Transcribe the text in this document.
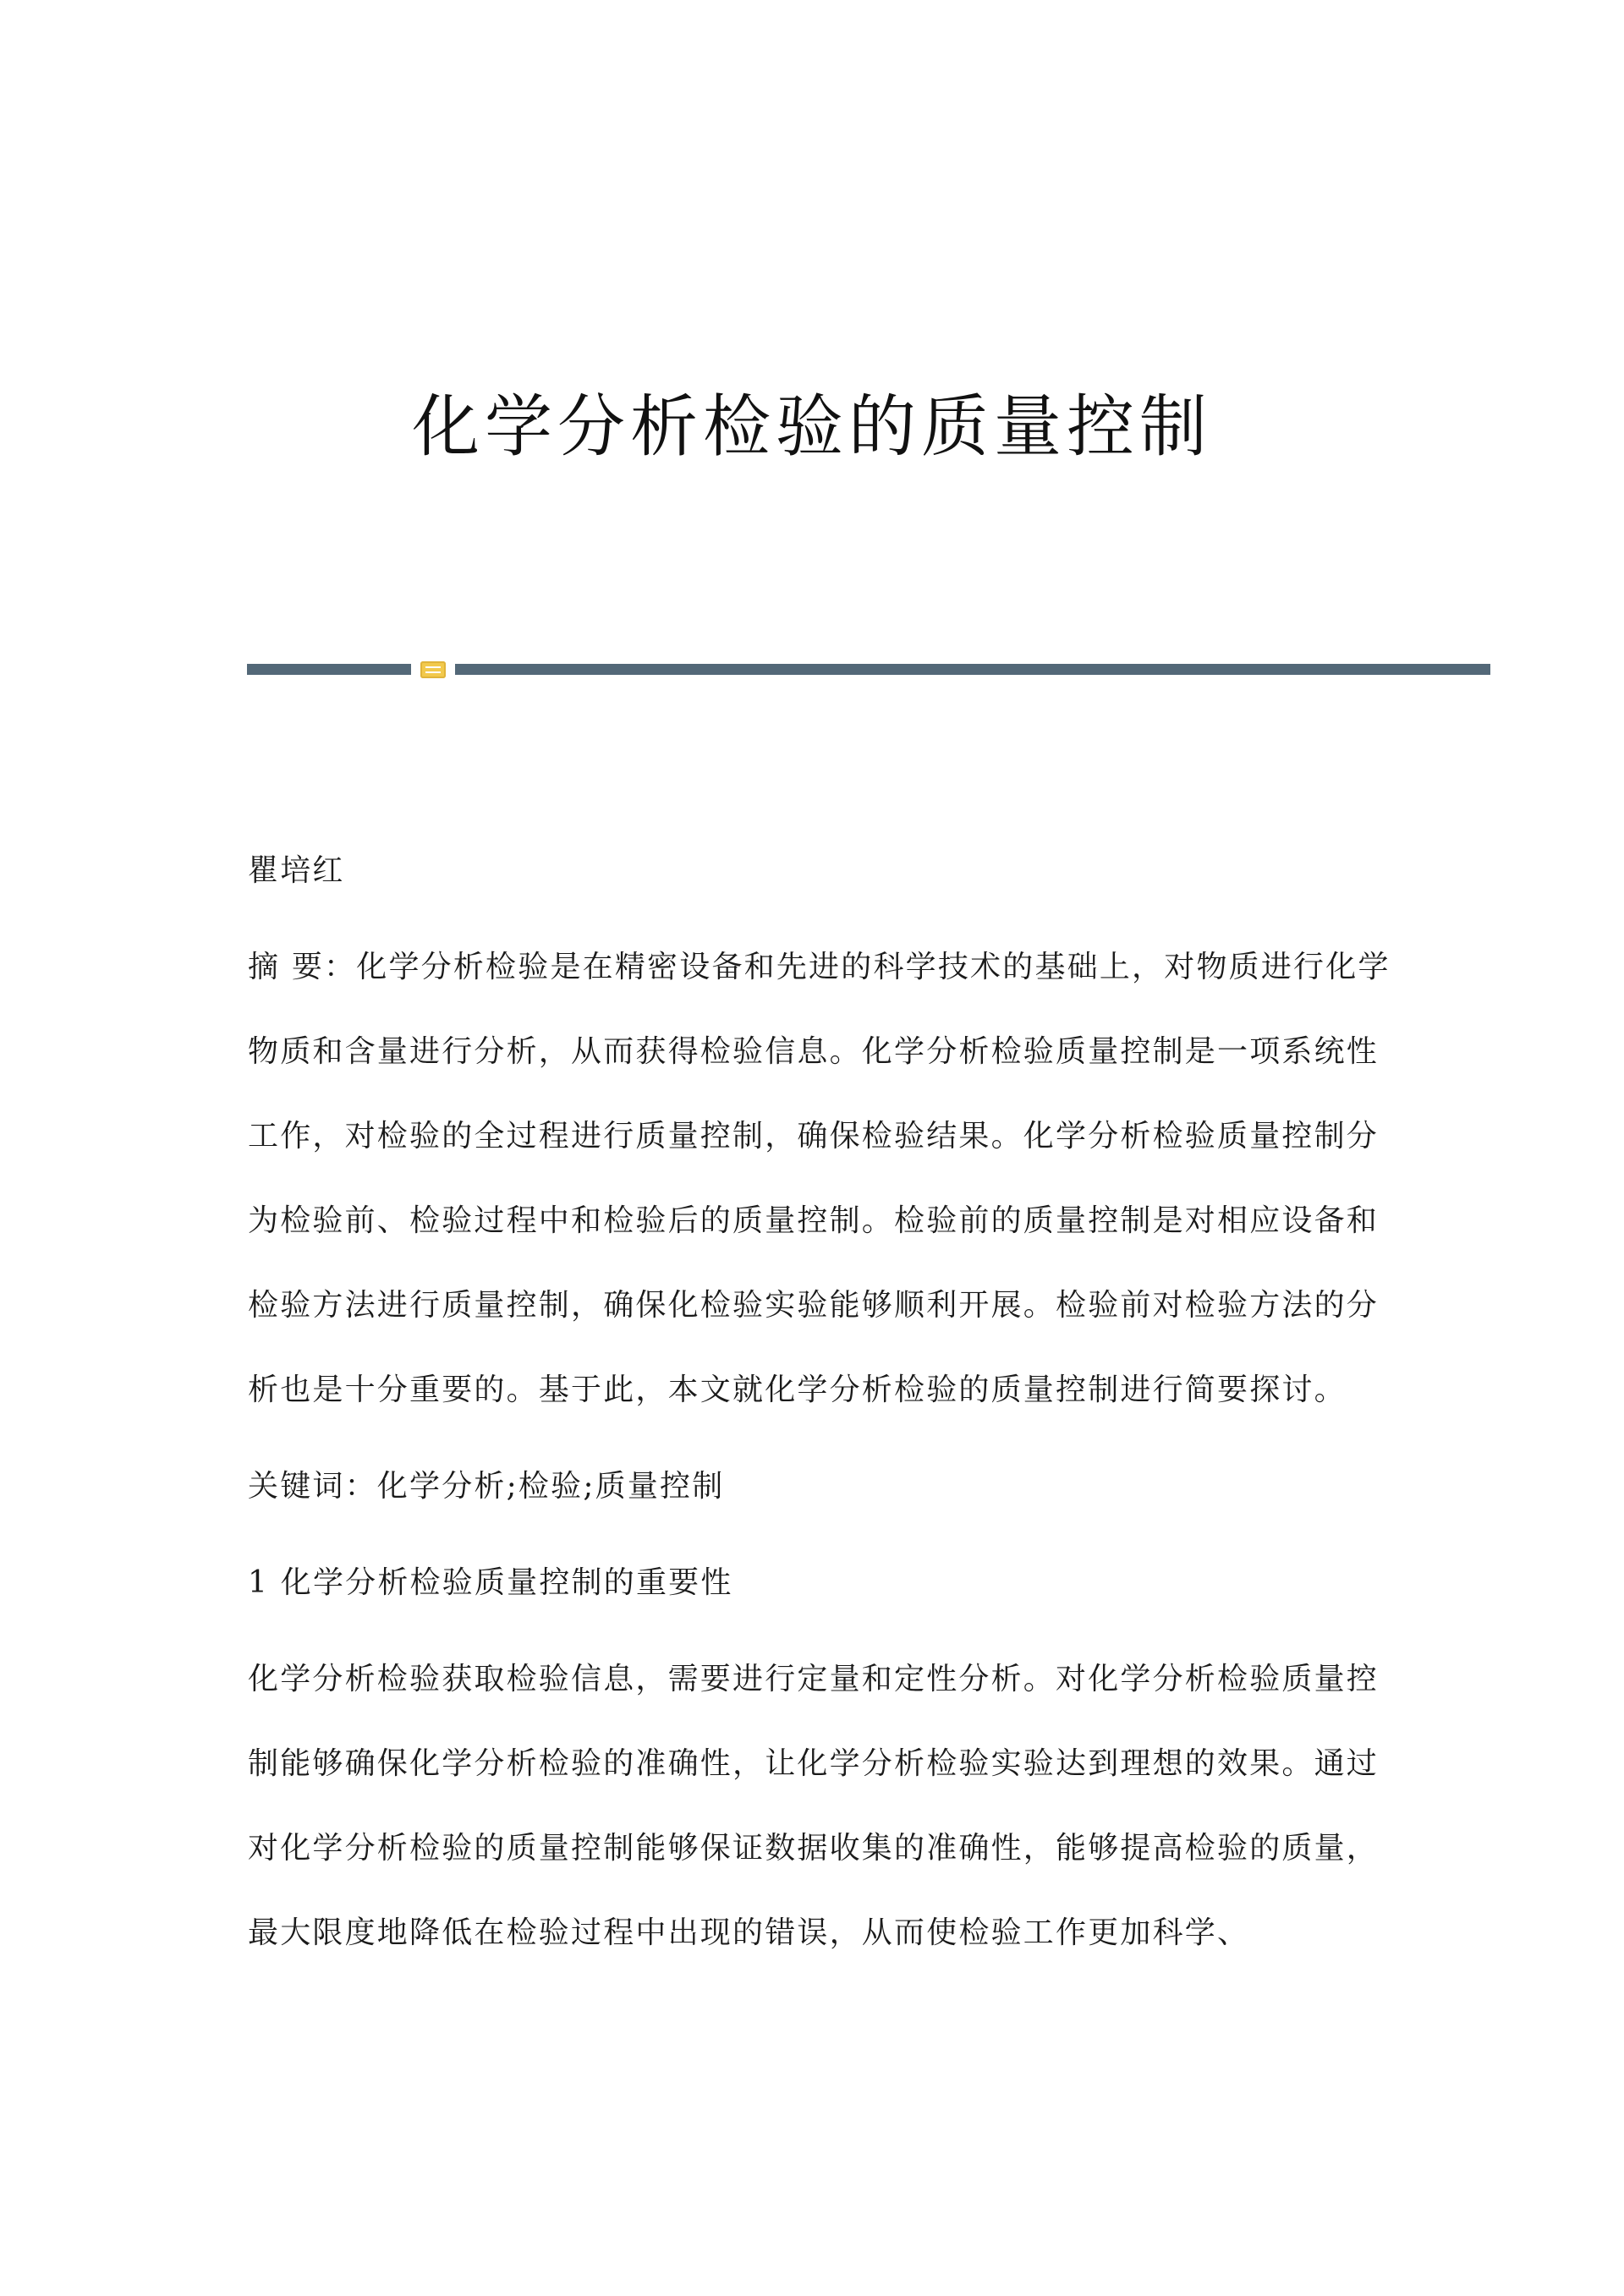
化学分析检验的质量控制

瞿培红

摘 要：化学分析检验是在精密设备和先进的科学技术的基础上，对物质进行化学物质和含量进行分析，从而获得检验信息。化学分析检验质量控制是一项系统性工作，对检验的全过程进行质量控制，确保检验结果。化学分析检验质量控制分为检验前、检验过程中和检验后的质量控制。检验前的质量控制是对相应设备和检验方法进行质量控制，确保化检验实验能够顺利开展。检验前对检验方法的分析也是十分重要的。基于此，本文就化学分析检验的质量控制进行简要探讨。

关键词：化学分析;检验;质量控制

1 化学分析检验质量控制的重要性

化学分析检验获取检验信息，需要进行定量和定性分析。对化学分析检验质量控制能够确保化学分析检验的准确性，让化学分析检验实验达到理想的效果。通过对化学分析检验的质量控制能够保证数据收集的准确性，能够提高检验的质量，最大限度地降低在检验过程中出现的错误，从而使检验工作更加科学、
